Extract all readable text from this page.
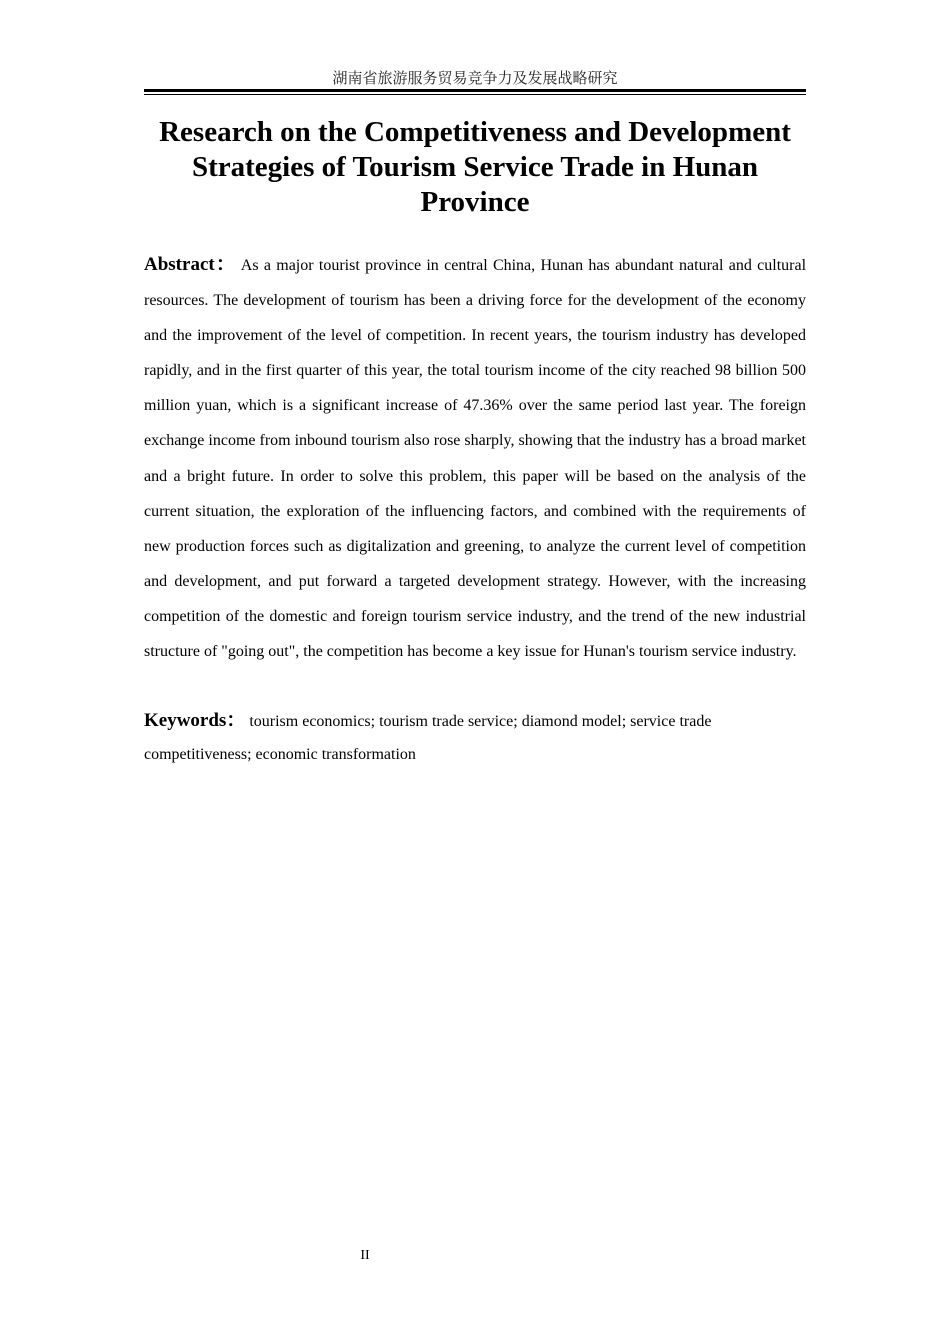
湖南省旅游服务贸易竞争力及发展战略研究
Research on the Competitiveness and Development Strategies of Tourism Service Trade in Hunan Province

Abstract： As a major tourist province in central China, Hunan has abundant natural and cultural resources. The development of tourism has been a driving force for the development of the economy and the improvement of the level of competition. In recent years, the tourism industry has developed rapidly, and in the first quarter of this year, the total tourism income of the city reached 98 billion 500 million yuan, which is a significant increase of 47.36% over the same period last year. The foreign exchange income from inbound tourism also rose sharply, showing that the industry has a broad market and a bright future. In order to solve this problem, this paper will be based on the analysis of the current situation, the exploration of the influencing factors, and combined with the requirements of new production forces such as digitalization and greening, to analyze the current level of competition and development, and put forward a targeted development strategy. However, with the increasing competition of the domestic and foreign tourism service industry, and the trend of the new industrial structure of "going out", the competition has become a key issue for Hunan's tourism service industry.

Keywords： tourism economics; tourism trade service; diamond model; service trade competitiveness; economic transformation

II
